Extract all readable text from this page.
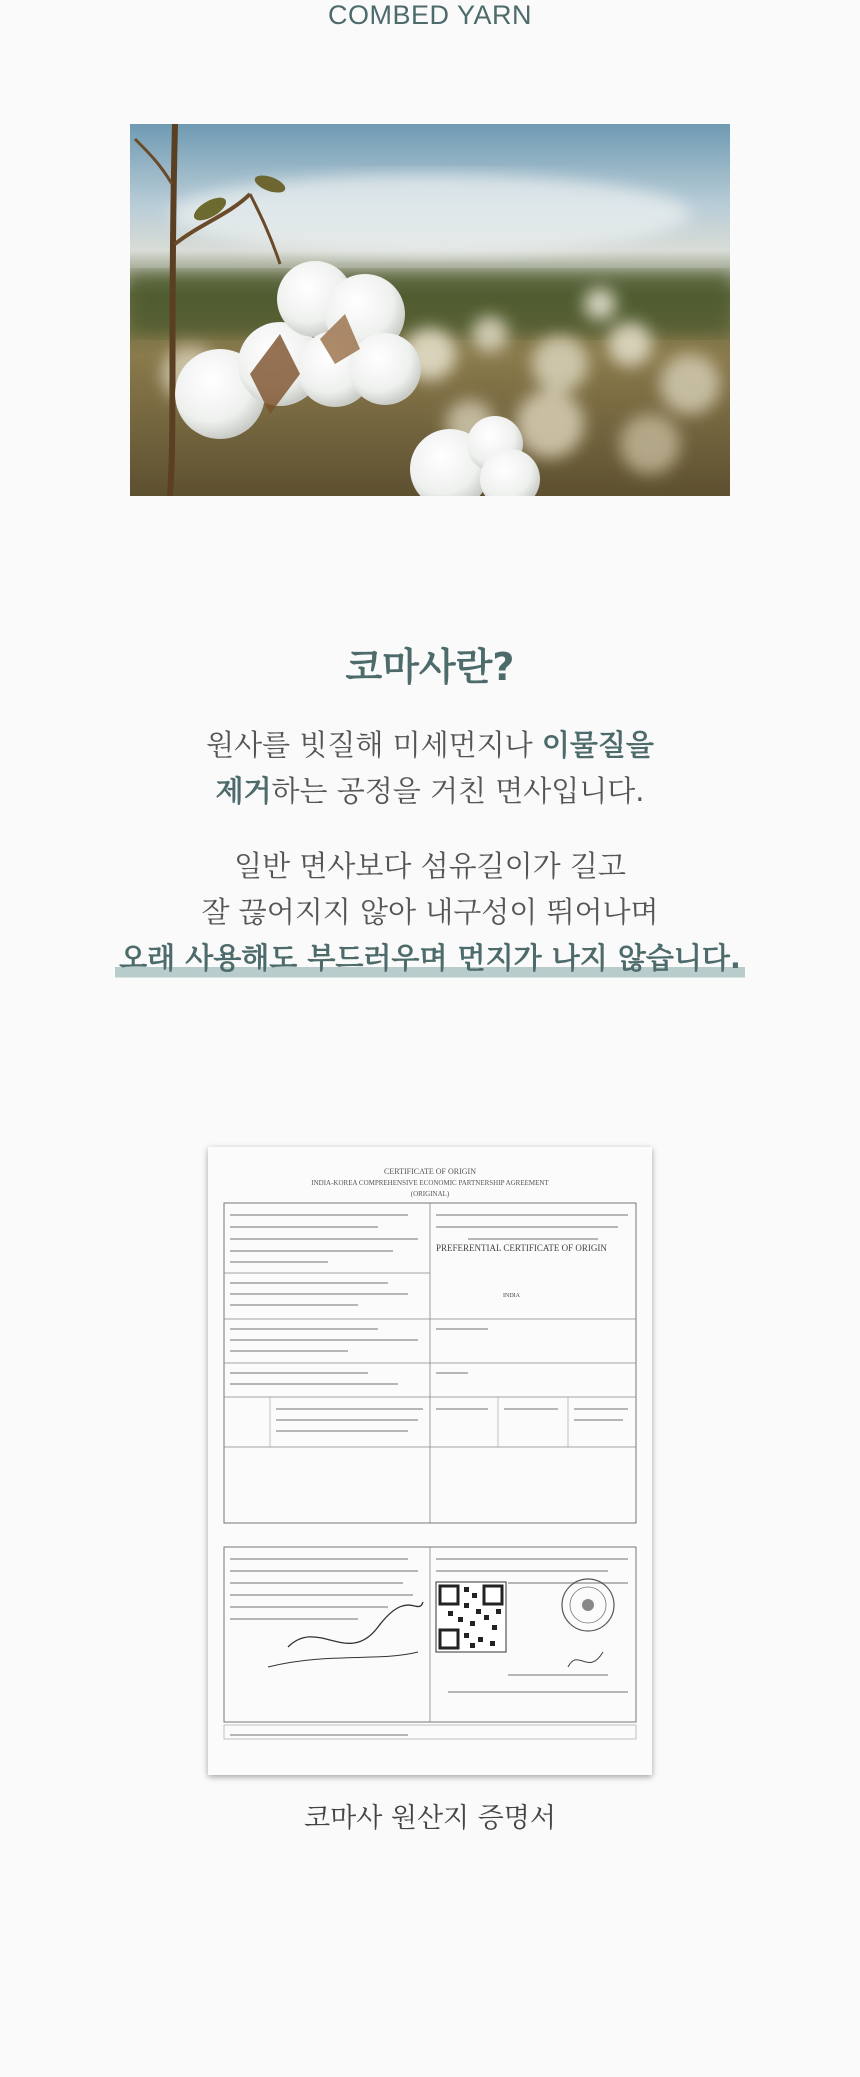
COMBED YARN
코마사란?
원사를 빗질해 미세먼지나 이물질을
제거하는 공정을 거친 면사입니다.
일반 면사보다 섬유길이가 길고
잘 끊어지지 않아 내구성이 뛰어나며
오래 사용해도 부드러우며 먼지가 나지 않습니다.
CERTIFICATE OF ORIGIN
INDIA-KOREA COMPREHENSIVE ECONOMIC PARTNERSHIP AGREEMENT
(ORIGINAL)
PREFERENTIAL CERTIFICATE OF ORIGIN
INDIA
코마사 원산지 증명서
